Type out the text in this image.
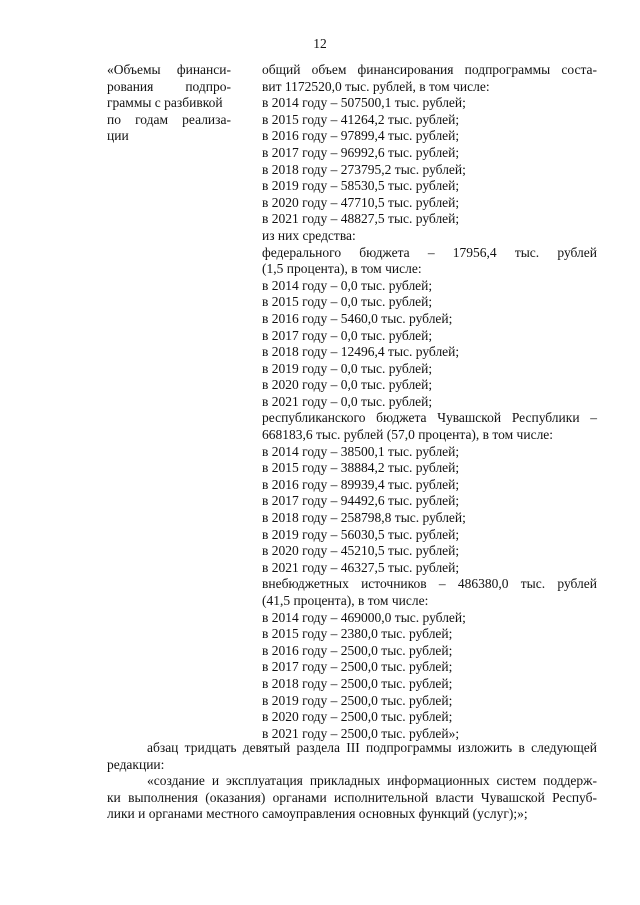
12
«Объемы финанси-
рования подпро-
граммы с разбивкой
по годам реализа-
ции
общий объем финансирования подпрограммы соста-
вит 1172520,0 тыс. рублей, в том числе:
в 2014 году – 507500,1 тыс. рублей;
в 2015 году – 41264,2 тыс. рублей;
в 2016 году – 97899,4 тыс. рублей;
в 2017 году – 96992,6 тыс. рублей;
в 2018 году – 273795,2 тыс. рублей;
в 2019 году – 58530,5 тыс. рублей;
в 2020 году – 47710,5 тыс. рублей;
в 2021 году – 48827,5 тыс. рублей;
из них средства:
федерального бюджета – 17956,4 тыс. рублей
(1,5 процента), в том числе:
в 2014 году – 0,0 тыс. рублей;
в 2015 году – 0,0 тыс. рублей;
в 2016 году – 5460,0 тыс. рублей;
в 2017 году – 0,0 тыс. рублей;
в 2018 году – 12496,4 тыс. рублей;
в 2019 году – 0,0 тыс. рублей;
в 2020 году – 0,0 тыс. рублей;
в 2021 году – 0,0 тыс. рублей;
республиканского бюджета Чувашской Республики –
668183,6 тыс. рублей (57,0 процента), в том числе:
в 2014 году – 38500,1 тыс. рублей;
в 2015 году – 38884,2 тыс. рублей;
в 2016 году – 89939,4 тыс. рублей;
в 2017 году – 94492,6 тыс. рублей;
в 2018 году – 258798,8 тыс. рублей;
в 2019 году – 56030,5 тыс. рублей;
в 2020 году – 45210,5 тыс. рублей;
в 2021 году – 46327,5 тыс. рублей;
внебюджетных источников – 486380,0 тыс. рублей
(41,5 процента), в том числе:
в 2014 году – 469000,0 тыс. рублей;
в 2015 году – 2380,0 тыс. рублей;
в 2016 году – 2500,0 тыс. рублей;
в 2017 году – 2500,0 тыс. рублей;
в 2018 году – 2500,0 тыс. рублей;
в 2019 году – 2500,0 тыс. рублей;
в 2020 году – 2500,0 тыс. рублей;
в 2021 году – 2500,0 тыс. рублей»;
абзац тридцать девятый раздела III подпрограммы изложить в следующей
редакции:
«создание и эксплуатация прикладных информационных систем поддерж-
ки выполнения (оказания) органами исполнительной власти Чувашской Респуб-
лики и органами местного самоуправления основных функций (услуг);»;
